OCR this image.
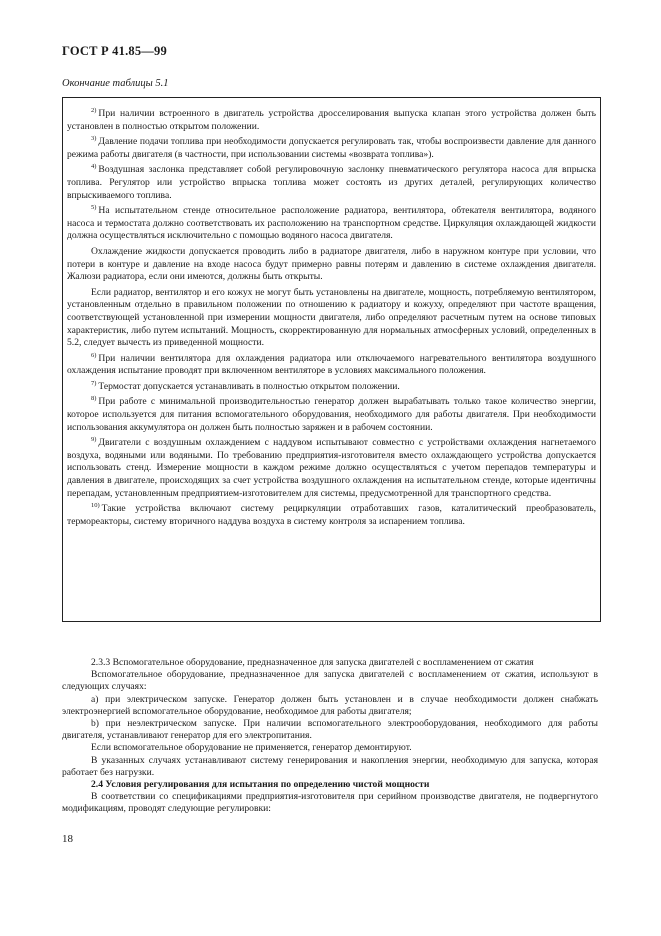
ГОСТ Р 41.85—99
Окончание таблицы 5.1

$^{2)}$ При наличии встроенного в двигатель устройства дросселирования выпуска клапан этого устройства должен быть установлен в полностью открытом положении.

$^{3)}$ Давление подачи топлива при необходимости допускается регулировать так, чтобы воспроизвести давление для данного режима работы двигателя (в частности, при использовании системы «возврата топлива»).

$^{4)}$ Воздушная заслонка представляет собой регулировочную заслонку пневматического регулятора насоса для впрыска топлива. Регулятор или устройство впрыска топлива может состоять из других деталей, регулирующих количество впрыскиваемого топлива.

$^{5)}$ На испытательном стенде относительное расположение радиатора, вентилятора, обтекателя вентилятора, водяного насоса и термостата должно соответствовать их расположению на транспортном средстве. Циркуляция охлаждающей жидкости должна осуществляться исключительно с помощью водяного насоса двигателя.

Охлаждение жидкости допускается проводить либо в радиаторе двигателя, либо в наружном контуре при условии, что потери в контуре и давление на входе насоса будут примерно равны потерям и давлению в системе охлаждения двигателя. Жалюзи радиатора, если они имеются, должны быть открыты.

Если радиатор, вентилятор и его кожух не могут быть установлены на двигателе, мощность, потребляемую вентилятором, установленным отдельно в правильном положении по отношению к радиатору и кожуху, определяют при частоте вращения, соответствующей установленной при измерении мощности двигателя, либо определяют расчетным путем на основе типовых характеристик, либо путем испытаний. Мощность, скорректированную для нормальных атмосферных условий, определенных в 5.2, следует вычесть из приведенной мощности.

$^{6)}$ При наличии вентилятора для охлаждения радиатора или отключаемого нагревательного вентилятора воздушного охлаждения испытание проводят при включенном вентиляторе в условиях максимального положения.

$^{7)}$ Термостат допускается устанавливать в полностью открытом положении.

$^{8)}$ При работе с минимальной производительностью генератор должен вырабатывать только такое количество энергии, которое используется для питания вспомогательного оборудования, необходимого для работы двигателя. При необходимости использования аккумулятора он должен быть полностью заряжен и в рабочем состоянии.

$^{9)}$ Двигатели с воздушным охлаждением с наддувом испытывают совместно с устройствами охлаждения нагнетаемого воздуха, водяными или водяными. По требованию предприятия-изготовителя вместо охлаждающего устройства допускается использовать стенд. Измерение мощности в каждом режиме должно осуществляться с учетом перепадов температуры и давления в двигателе, происходящих за счет устройства воздушного охлаждения на испытательном стенде, которые идентичны перепадам, установленным предприятием-изготовителем для системы, предусмотренной для транспортного средства.

$^{10)}$ Такие устройства включают систему рециркуляции отработавших газов, каталитический преобразователь, термореакторы, систему вторичного наддува воздуха в систему контроля за испарением топлива.

2.3.3 Вспомогательное оборудование, предназначенное для запуска двигателей с воспламенением от сжатия

Вспомогательное оборудование, предназначенное для запуска двигателей с воспламенением от сжатия, используют в следующих случаях:

а) при электрическом запуске. Генератор должен быть установлен и в случае необходимости должен снабжать электроэнергией вспомогательное оборудование, необходимое для работы двигателя;

b) при неэлектрическом запуске. При наличии вспомогательного электрооборудования, необходимого для работы двигателя, устанавливают генератор для его электропитания.

Если вспомогательное оборудование не применяется, генератор демонтируют.

В указанных случаях устанавливают систему генерирования и накопления энергии, необходимую для запуска, которая работает без нагрузки.

2.4 Условия регулирования для испытания по определению чистой мощности

В соответствии со спецификациями предприятия-изготовителя при серийном производстве двигателя, не подвергнутого модификациям, проводят следующие регулировки:

18
